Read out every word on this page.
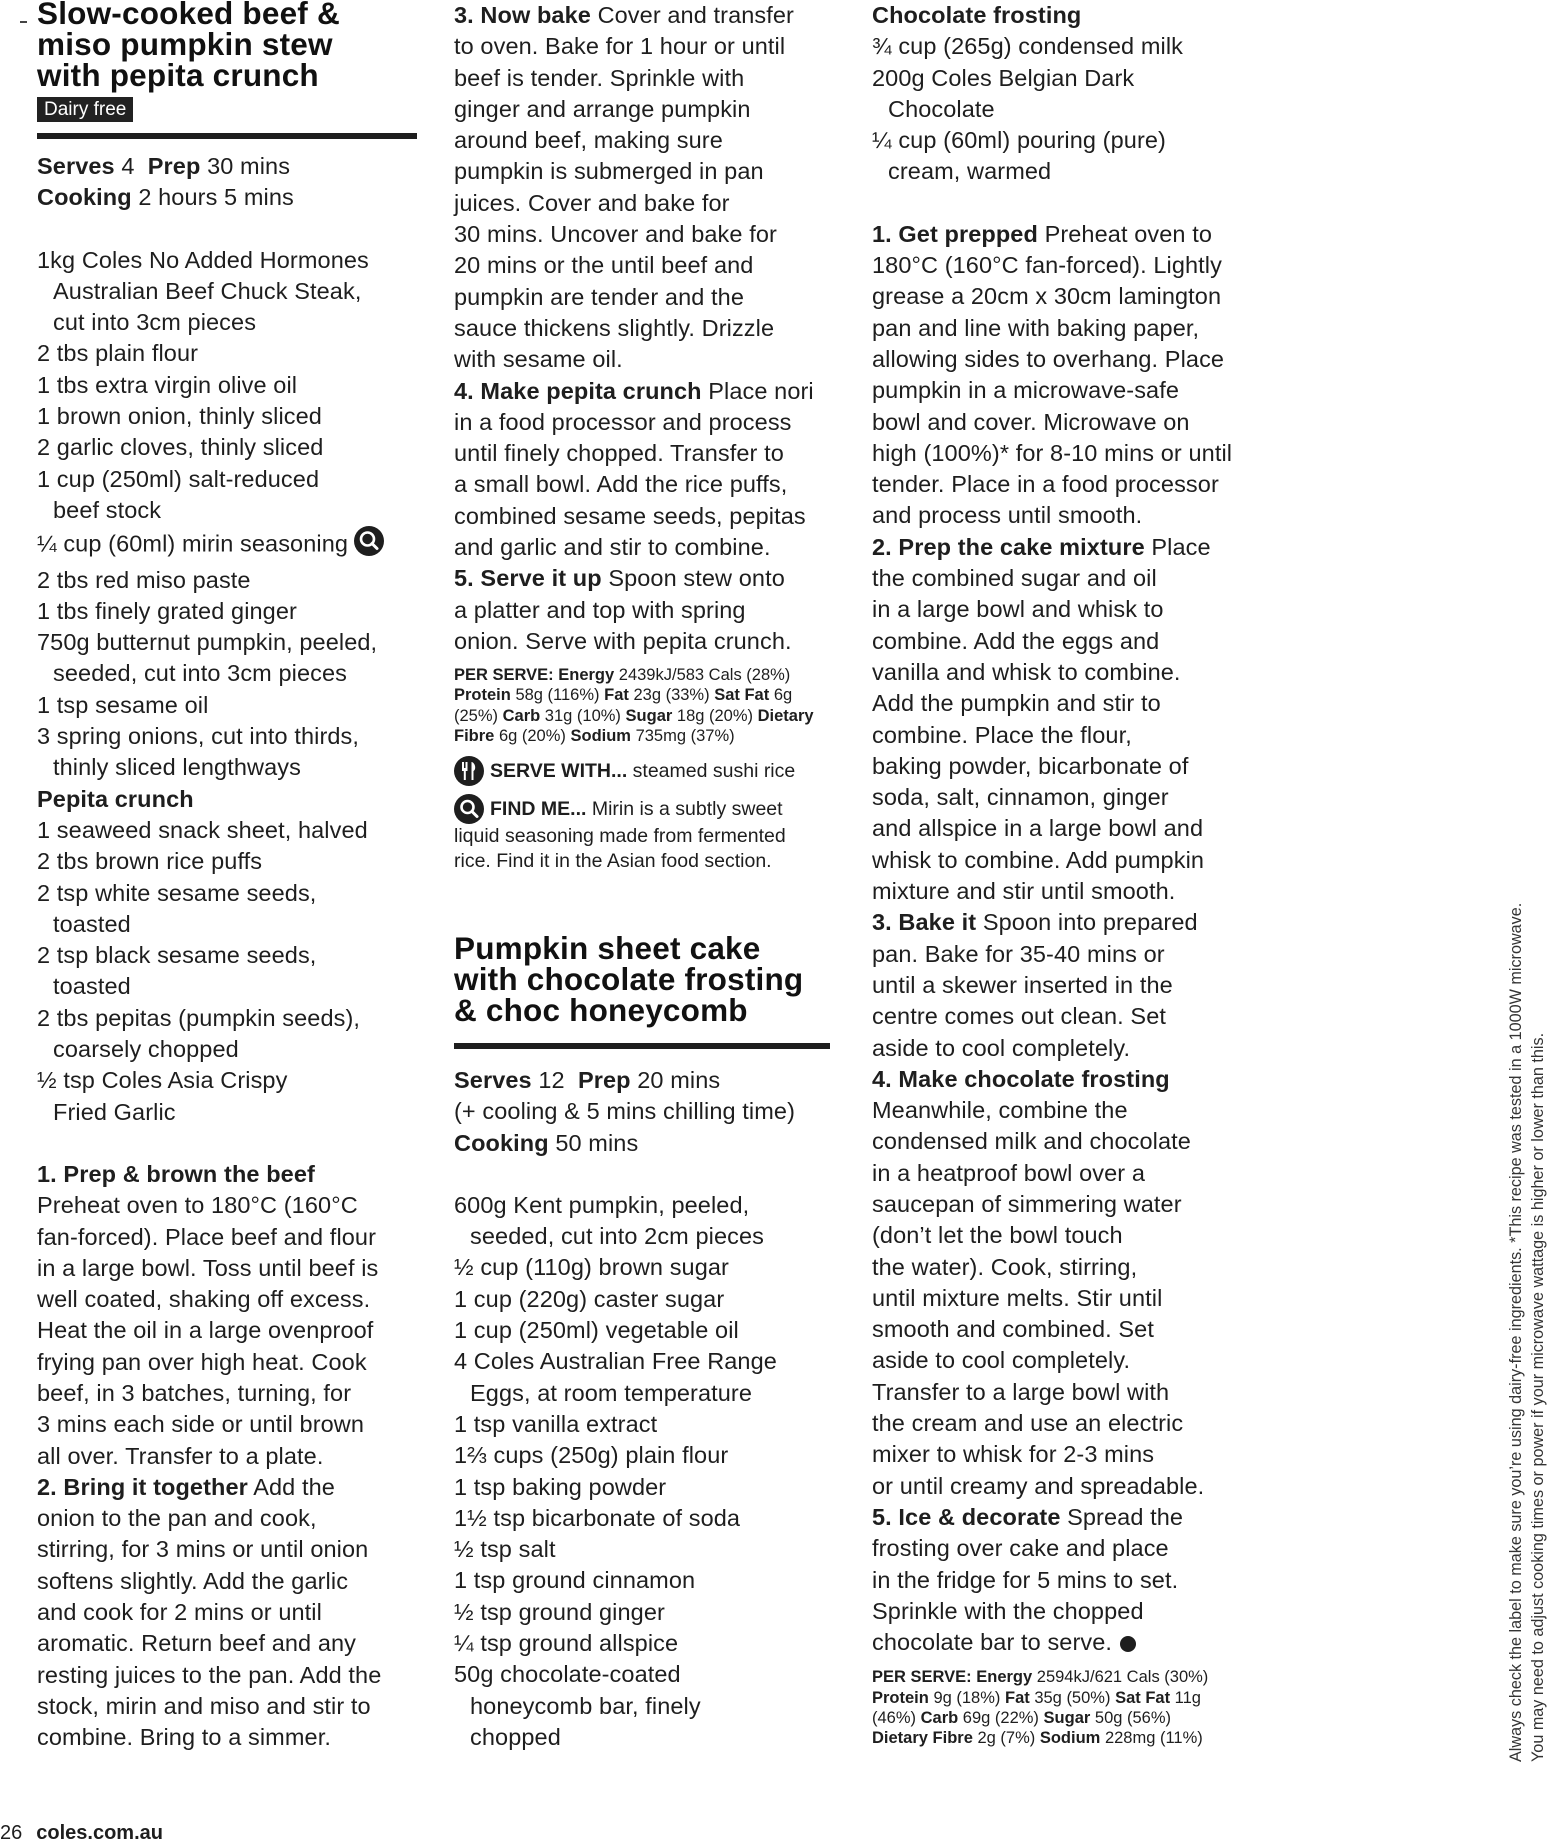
Slow-cooked beef &
miso pumpkin stew
with pepita crunch
Dairy free
Serves 4 Prep 30 mins
Cooking 2 hours 5 mins
1kg Coles No Added Hormones
Australian Beef Chuck Steak,
cut into 3cm pieces
2 tbs plain flour
1 tbs extra virgin olive oil
1 brown onion, thinly sliced
2 garlic cloves, thinly sliced
1 cup (250ml) salt-reduced
beef stock
¼ cup (60ml) mirin seasoning
2 tbs red miso paste
1 tbs finely grated ginger
750g butternut pumpkin, peeled,
seeded, cut into 3cm pieces
1 tsp sesame oil
3 spring onions, cut into thirds,
thinly sliced lengthways
Pepita crunch
1 seaweed snack sheet, halved
2 tbs brown rice puffs
2 tsp white sesame seeds,
toasted
2 tsp black sesame seeds,
toasted
2 tbs pepitas (pumpkin seeds),
coarsely chopped
½ tsp Coles Asia Crispy
Fried Garlic
1. Prep & brown the beef
Preheat oven to 180°C (160°C
fan-forced). Place beef and flour
in a large bowl. Toss until beef is
well coated, shaking off excess.
Heat the oil in a large ovenproof
frying pan over high heat. Cook
beef, in 3 batches, turning, for
3 mins each side or until brown
all over. Transfer to a plate.
2. Bring it together Add the
onion to the pan and cook,
stirring, for 3 mins or until onion
softens slightly. Add the garlic
and cook for 2 mins or until
aromatic. Return beef and any
resting juices to the pan. Add the
stock, mirin and miso and stir to
combine. Bring to a simmer.
3. Now bake Cover and transfer
to oven. Bake for 1 hour or until
beef is tender. Sprinkle with
ginger and arrange pumpkin
around beef, making sure
pumpkin is submerged in pan
juices. Cover and bake for
30 mins. Uncover and bake for
20 mins or the until beef and
pumpkin are tender and the
sauce thickens slightly. Drizzle
with sesame oil.
4. Make pepita crunch Place nori
in a food processor and process
until finely chopped. Transfer to
a small bowl. Add the rice puffs,
combined sesame seeds, pepitas
and garlic and stir to combine.
5. Serve it up Spoon stew onto
a platter and top with spring
onion. Serve with pepita crunch.
PER SERVE: Energy 2439kJ/583 Cals (28%)
Protein 58g (116%) Fat 23g (33%) Sat Fat 6g
(25%) Carb 31g (10%) Sugar 18g (20%) Dietary
Fibre 6g (20%) Sodium 735mg (37%)
SERVE WITH... steamed sushi rice
FIND ME... Mirin is a subtly sweet
liquid seasoning made from fermented
rice. Find it in the Asian food section.
Pumpkin sheet cake
with chocolate frosting
& choc honeycomb
Serves 12 Prep 20 mins
(+ cooling & 5 mins chilling time)
Cooking 50 mins
600g Kent pumpkin, peeled,
seeded, cut into 2cm pieces
½ cup (110g) brown sugar
1 cup (220g) caster sugar
1 cup (250ml) vegetable oil
4 Coles Australian Free Range
Eggs, at room temperature
1 tsp vanilla extract
1⅔ cups (250g) plain flour
1 tsp baking powder
1½ tsp bicarbonate of soda
½ tsp salt
1 tsp ground cinnamon
½ tsp ground ginger
¼ tsp ground allspice
50g chocolate-coated
honeycomb bar, finely
chopped
Chocolate frosting
¾ cup (265g) condensed milk
200g Coles Belgian Dark
Chocolate
¼ cup (60ml) pouring (pure)
cream, warmed
1. Get prepped Preheat oven to
180°C (160°C fan-forced). Lightly
grease a 20cm x 30cm lamington
pan and line with baking paper,
allowing sides to overhang. Place
pumpkin in a microwave-safe
bowl and cover. Microwave on
high (100%)* for 8-10 mins or until
tender. Place in a food processor
and process until smooth.
2. Prep the cake mixture Place
the combined sugar and oil
in a large bowl and whisk to
combine. Add the eggs and
vanilla and whisk to combine.
Add the pumpkin and stir to
combine. Place the flour,
baking powder, bicarbonate of
soda, salt, cinnamon, ginger
and allspice in a large bowl and
whisk to combine. Add pumpkin
mixture and stir until smooth.
3. Bake it Spoon into prepared
pan. Bake for 35-40 mins or
until a skewer inserted in the
centre comes out clean. Set
aside to cool completely.
4. Make chocolate frosting
Meanwhile, combine the
condensed milk and chocolate
in a heatproof bowl over a
saucepan of simmering water
(don’t let the bowl touch
the water). Cook, stirring,
until mixture melts. Stir until
smooth and combined. Set
aside to cool completely.
Transfer to a large bowl with
the cream and use an electric
mixer to whisk for 2-3 mins
or until creamy and spreadable.
5. Ice & decorate Spread the
frosting over cake and place
in the fridge for 5 mins to set.
Sprinkle with the chopped
chocolate bar to serve.
PER SERVE: Energy 2594kJ/621 Cals (30%)
Protein 9g (18%) Fat 35g (50%) Sat Fat 11g
(46%) Carb 69g (22%) Sugar 50g (56%)
Dietary Fibre 2g (7%) Sodium 228mg (11%)	Always check the label to make sure you’re using dairy-free ingredients. *This recipe was tested in a 1000W microwave. You may need to adjust cooking times or power if your microwave wattage is higher or lower than this.
26 coles.com.au
